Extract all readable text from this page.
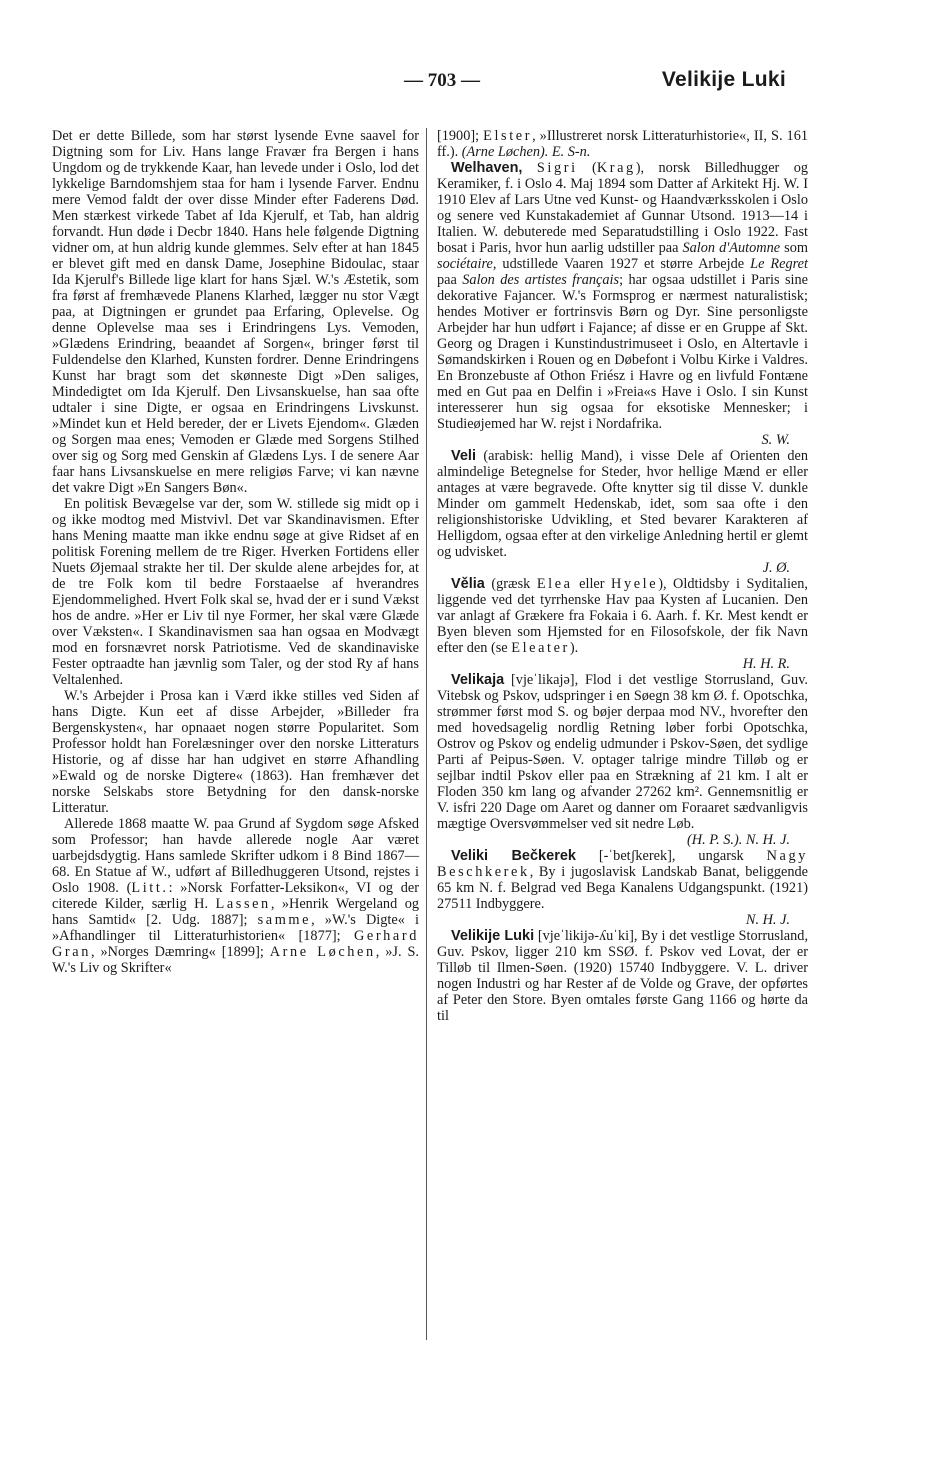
— 703 —	Velikije Luki

Det er dette Billede, som har størst lysende Evne saavel for Digtning som for Liv. Hans lange Fravær fra Bergen i hans Ungdom og de trykkende Kaar, han levede under i Oslo, lod det lykkelige Barndomshjem staa for ham i lysende Farver. Endnu mere Vemod faldt der over disse Minder efter Faderens Død. Men stærkest virkede Tabet af Ida Kjerulf, et Tab, han aldrig forvandt. Hun døde i Decbr 1840. Hans hele følgende Digtning vidner om, at hun aldrig kunde glemmes. Selv efter at han 1845 er blevet gift med en dansk Dame, Josephine Bidoulac, staar Ida Kjerulf's Billede lige klart for hans Sjæl. W.'s Æstetik, som fra først af fremhævede Planens Klarhed, lægger nu stor Vægt paa, at Digtningen er grundet paa Erfaring, Oplevelse. Og denne Oplevelse maa ses i Erindringens Lys. Vemoden, »Glædens Erindring, beaandet af Sorgen«, bringer først til Fuldendelse den Klarhed, Kunsten fordrer. Denne Erindringens Kunst har bragt som det skønneste Digt »Den saliges, Mindedigtet om Ida Kjerulf. Den Livsanskuelse, han saa ofte udtaler i sine Digte, er ogsaa en Erindringens Livskunst. »Mindet kun et Held bereder, der er Livets Ejendom«. Glæden og Sorgen maa enes; Vemoden er Glæde med Sorgens Stilhed over sig og Sorg med Genskin af Glædens Lys. I de senere Aar faar hans Livsanskuelse en mere religiøs Farve; vi kan nævne det vakre Digt »En Sangers Bøn«.

En politisk Bevægelse var der, som W. stillede sig midt op i og ikke modtog med Mistvivl. Det var Skandinavismen. Efter hans Mening maatte man ikke endnu søge at give Ridset af en politisk Forening mellem de tre Riger. Hverken Fortidens eller Nuets Øjemaal strakte her til. Der skulde alene arbejdes for, at de tre Folk kom til bedre Forstaaelse af hverandres Ejendommelighed. Hvert Folk skal se, hvad der er i sund Vækst hos de andre. »Her er Liv til nye Former, her skal være Glæde over Væksten«. I Skandinavismen saa han ogsaa en Modvægt mod en forsnævret norsk Patriotisme. Ved de skandinaviske Fester optraadte han jævnlig som Taler, og der stod Ry af hans Veltalenhed.

W.'s Arbejder i Prosa kan i Værd ikke stilles ved Siden af hans Digte. Kun eet af disse Arbejder, »Billeder fra Bergenskysten«, har opnaaet nogen større Popularitet. Som Professor holdt han Forelæsninger over den norske Litteraturs Historie, og af disse har han udgivet en større Afhandling »Ewald og de norske Digtere« (1863). Han fremhæver det norske Selskabs store Betydning for den dansk-norske Litteratur.

Allerede 1868 maatte W. paa Grund af Sygdom søge Afsked som Professor; han havde allerede nogle Aar været uarbejdsdygtig. Hans samlede Skrifter udkom i 8 Bind 1867—68. En Statue af W., udført af Billedhuggeren Utsond, rejstes i Oslo 1908. (Litt.: »Norsk Forfatter-Leksikon«, VI og der citerede Kilder, særlig H. Lassen, »Henrik Wergeland og hans Samtid« [2. Udg. 1887]; samme, »W.'s Digte« i »Afhandlinger til Litteraturhistorien« [1877]; Gerhard Gran, »Norges Dæmring« [1899]; Arne Løchen, »J. S. W.'s Liv og Skrifter«

[1900]; Elster, »Illustreret norsk Litteraturhistorie«, II, S. 161 ff.). (Arne Løchen). E. S-n.

Welhaven, Sigri (Krag), norsk Billedhugger og Keramiker, f. i Oslo 4. Maj 1894 som Datter af Arkitekt Hj. W. I 1910 Elev af Lars Utne ved Kunst- og Haandværksskolen i Oslo og senere ved Kunstakademiet af Gunnar Utsond. 1913—14 i Italien. W. debuterede med Separatudstilling i Oslo 1922. Fast bosat i Paris, hvor hun aarlig udstiller paa Salon d'Automne som sociétaire, udstillede Vaaren 1927 et større Arbejde Le Regret paa Salon des artistes français; har ogsaa udstillet i Paris sine dekorative Fajancer. W.'s Formsprog er nærmest naturalistisk; hendes Motiver er fortrinsvis Børn og Dyr. Sine personligste Arbejder har hun udført i Fajance; af disse er en Gruppe af Skt. Georg og Dragen i Kunstindustrimuseet i Oslo, en Altertavle i Sømandskirken i Rouen og en Døbefont i Volbu Kirke i Valdres. En Bronzebuste af Othon Friész i Havre og en livfuld Fontæne med en Gut paa en Delfin i »Freia«s Have i Oslo. I sin Kunst interesserer hun sig ogsaa for eksotiske Mennesker; i Studieøjemed har W. rejst i Nordafrika.
S. W.

Veli (arabisk: hellig Mand), i visse Dele af Orienten den almindelige Betegnelse for Steder, hvor hellige Mænd er eller antages at være begravede. Ofte knytter sig til disse V. dunkle Minder om gammelt Hedenskab, idet, som saa ofte i den religionshistoriske Udvikling, et Sted bevarer Karakteren af Helligdom, ogsaa efter at den virkelige Anledning hertil er glemt og udvisket.
J. Ø.

Vělia (græsk Elea eller Hyele), Oldtidsby i Syditalien, liggende ved det tyrrhenske Hav paa Kysten af Lucanien. Den var anlagt af Grækere fra Fokaia i 6. Aarh. f. Kr. Mest kendt er Byen bleven som Hjemsted for en Filosofskole, der fik Navn efter den (se Eleater).
H. H. R.

Velikaja [vjeˈlikajə], Flod i det vestlige Storrusland, Guv. Vitebsk og Pskov, udspringer i en Søegn 38 km Ø. f. Opotschka, strømmer først mod S. og bøjer derpaa mod NV., hvorefter den med hovedsagelig nordlig Retning løber forbi Opotschka, Ostrov og Pskov og endelig udmunder i Pskov-Søen, det sydlige Parti af Peipus-Søen. V. optager talrige mindre Tilløb og er sejlbar indtil Pskov eller paa en Strækning af 21 km. I alt er Floden 350 km lang og afvander 27262 km². Gennemsnitlig er V. isfri 220 Dage om Aaret og danner om Foraaret sædvanligvis mægtige Oversvømmelser ved sit nedre Løb.
(H. P. S.). N. H. J.

Veliki Bečkerek [-ˈbetʃkerek], ungarsk Nagy Beschkerek, By i jugoslavisk Landskab Banat, beliggende 65 km N. f. Belgrad ved Bega Kanalens Udgangspunkt. (1921) 27511 Indbyggere.
N. H. J.

Velikije Luki [vjeˈlikijə-ʎuˈki], By i det vestlige Storrusland, Guv. Pskov, ligger 210 km SSØ. f. Pskov ved Lovat, der er Tilløb til Ilmen-Søen. (1920) 15740 Indbyggere. V. L. driver nogen Industri og har Rester af de Volde og Grave, der opførtes af Peter den Store. Byen omtales første Gang 1166 og hørte da til
